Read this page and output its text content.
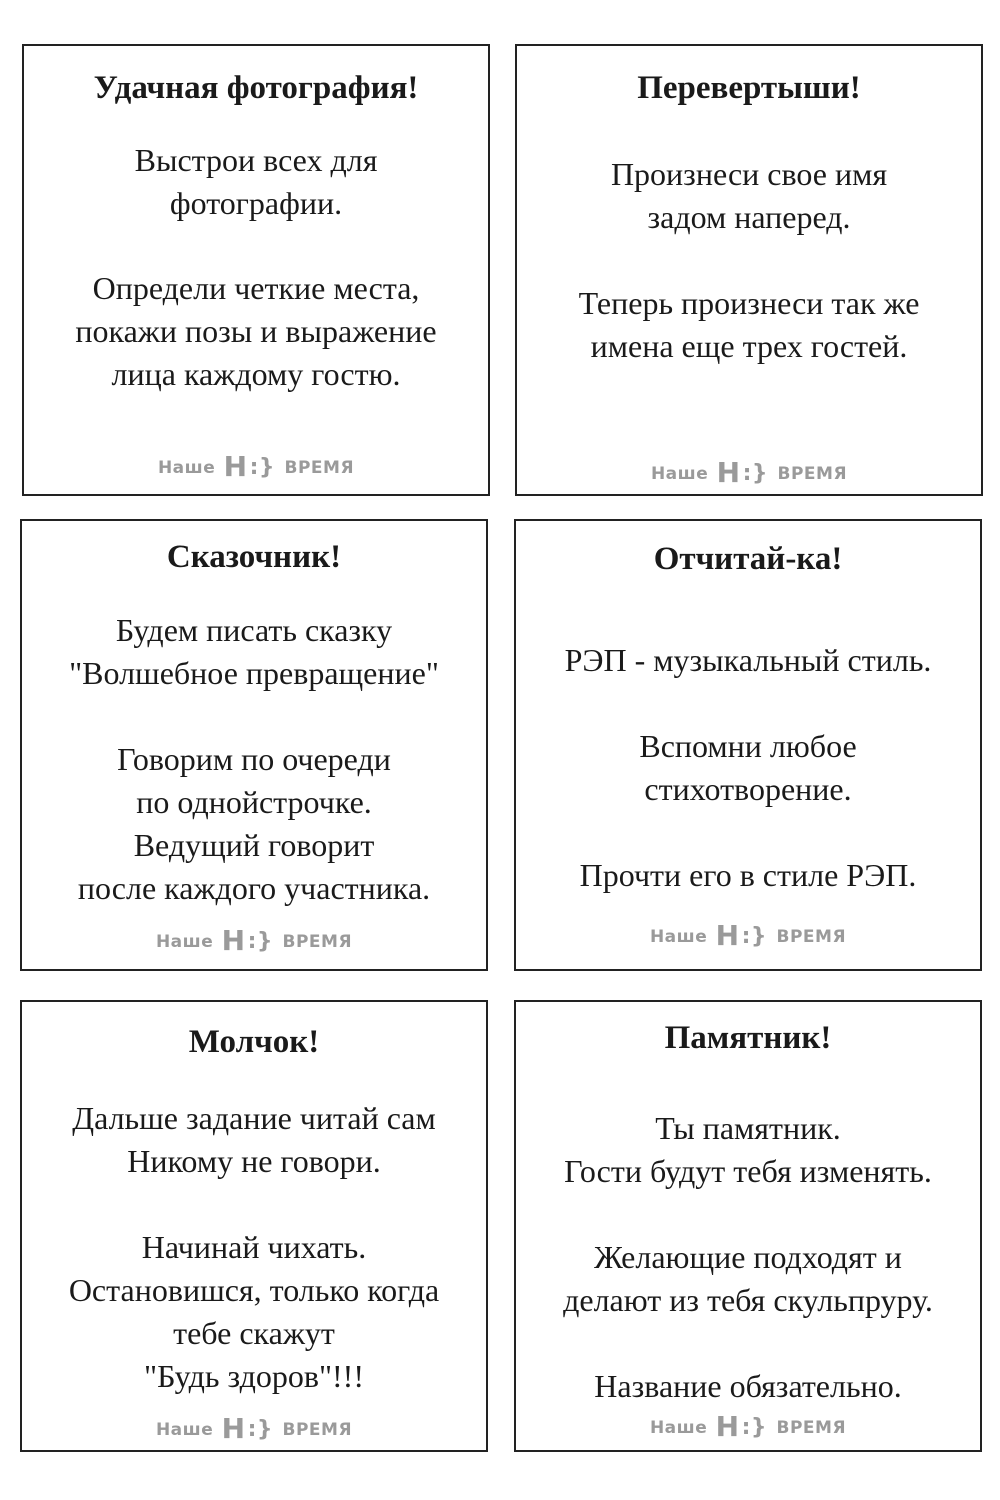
Удачная фотография!

Выстрои всех для
фотографии.

Определи четкие места,
покажи позы и выражение
лица каждому гостю.

Наше Н:} ВРЕМЯ
Перевертыши!

Произнеси свое имя
задом наперед.

Теперь произнеси так же
имена еще трех гостей.

Наше Н:} ВРЕМЯ
Сказочник!

Будем писать сказку
"Волшебное превращение"

Говорим по очереди
по однойстрочке.
Ведущий говорит
после каждого участника.

Наше Н:} ВРЕМЯ
Отчитай-ка!

РЭП - музыкальный стиль.

Вспомни любое
стихотворение.

Прочти его в стиле РЭП.

Наше Н:} ВРЕМЯ
Молчок!

Дальше задание читай сам
Никому не говори.

Начинай чихать.
Остановишся, только когда
тебе скажут
"Будь здоров"!!!

Наше Н:} ВРЕМЯ
Памятник!

Ты памятник.
Гости будут тебя изменять.

Желающие подходят и
делают из тебя скульпруру.

Название обязательно.

Наше Н:} ВРЕМЯ
